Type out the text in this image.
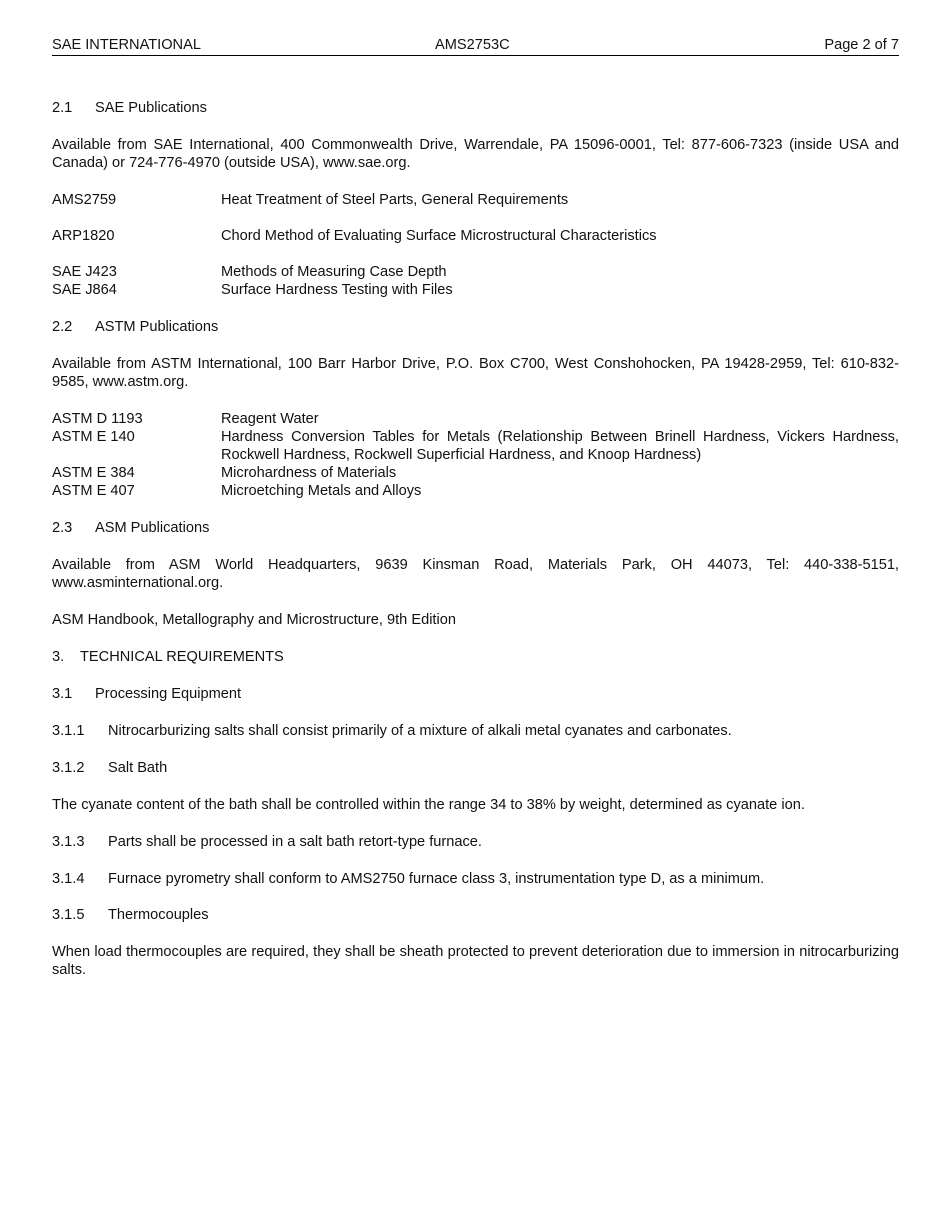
SAE INTERNATIONAL	AMS2753C	Page 2 of 7
2.1 SAE Publications
Available from SAE International, 400 Commonwealth Drive, Warrendale, PA 15096-0001, Tel: 877-606-7323 (inside USA and Canada) or 724-776-4970 (outside USA), www.sae.org.
AMS2759	Heat Treatment of Steel Parts, General Requirements
ARP1820	Chord Method of Evaluating Surface Microstructural Characteristics
SAE J423	Methods of Measuring Case Depth
SAE J864	Surface Hardness Testing with Files
2.2 ASTM Publications
Available from ASTM International, 100 Barr Harbor Drive, P.O. Box C700, West Conshohocken, PA 19428-2959, Tel: 610-832-9585, www.astm.org.
ASTM D 1193	Reagent Water
ASTM E 140	Hardness Conversion Tables for Metals (Relationship Between Brinell Hardness, Vickers Hardness, Rockwell Hardness, Rockwell Superficial Hardness, and Knoop Hardness)
ASTM E 384	Microhardness of Materials
ASTM E 407	Microetching Metals and Alloys
2.3 ASM Publications
Available from ASM World Headquarters, 9639 Kinsman Road, Materials Park, OH 44073, Tel: 440-338-5151, www.asminternational.org.
ASM Handbook, Metallography and Microstructure, 9th Edition
3. TECHNICAL REQUIREMENTS
3.1 Processing Equipment
3.1.1 Nitrocarburizing salts shall consist primarily of a mixture of alkali metal cyanates and carbonates.
3.1.2 Salt Bath
The cyanate content of the bath shall be controlled within the range 34 to 38% by weight, determined as cyanate ion.
3.1.3 Parts shall be processed in a salt bath retort-type furnace.
3.1.4 Furnace pyrometry shall conform to AMS2750 furnace class 3, instrumentation type D, as a minimum.
3.1.5 Thermocouples
When load thermocouples are required, they shall be sheath protected to prevent deterioration due to immersion in nitrocarburizing salts.
